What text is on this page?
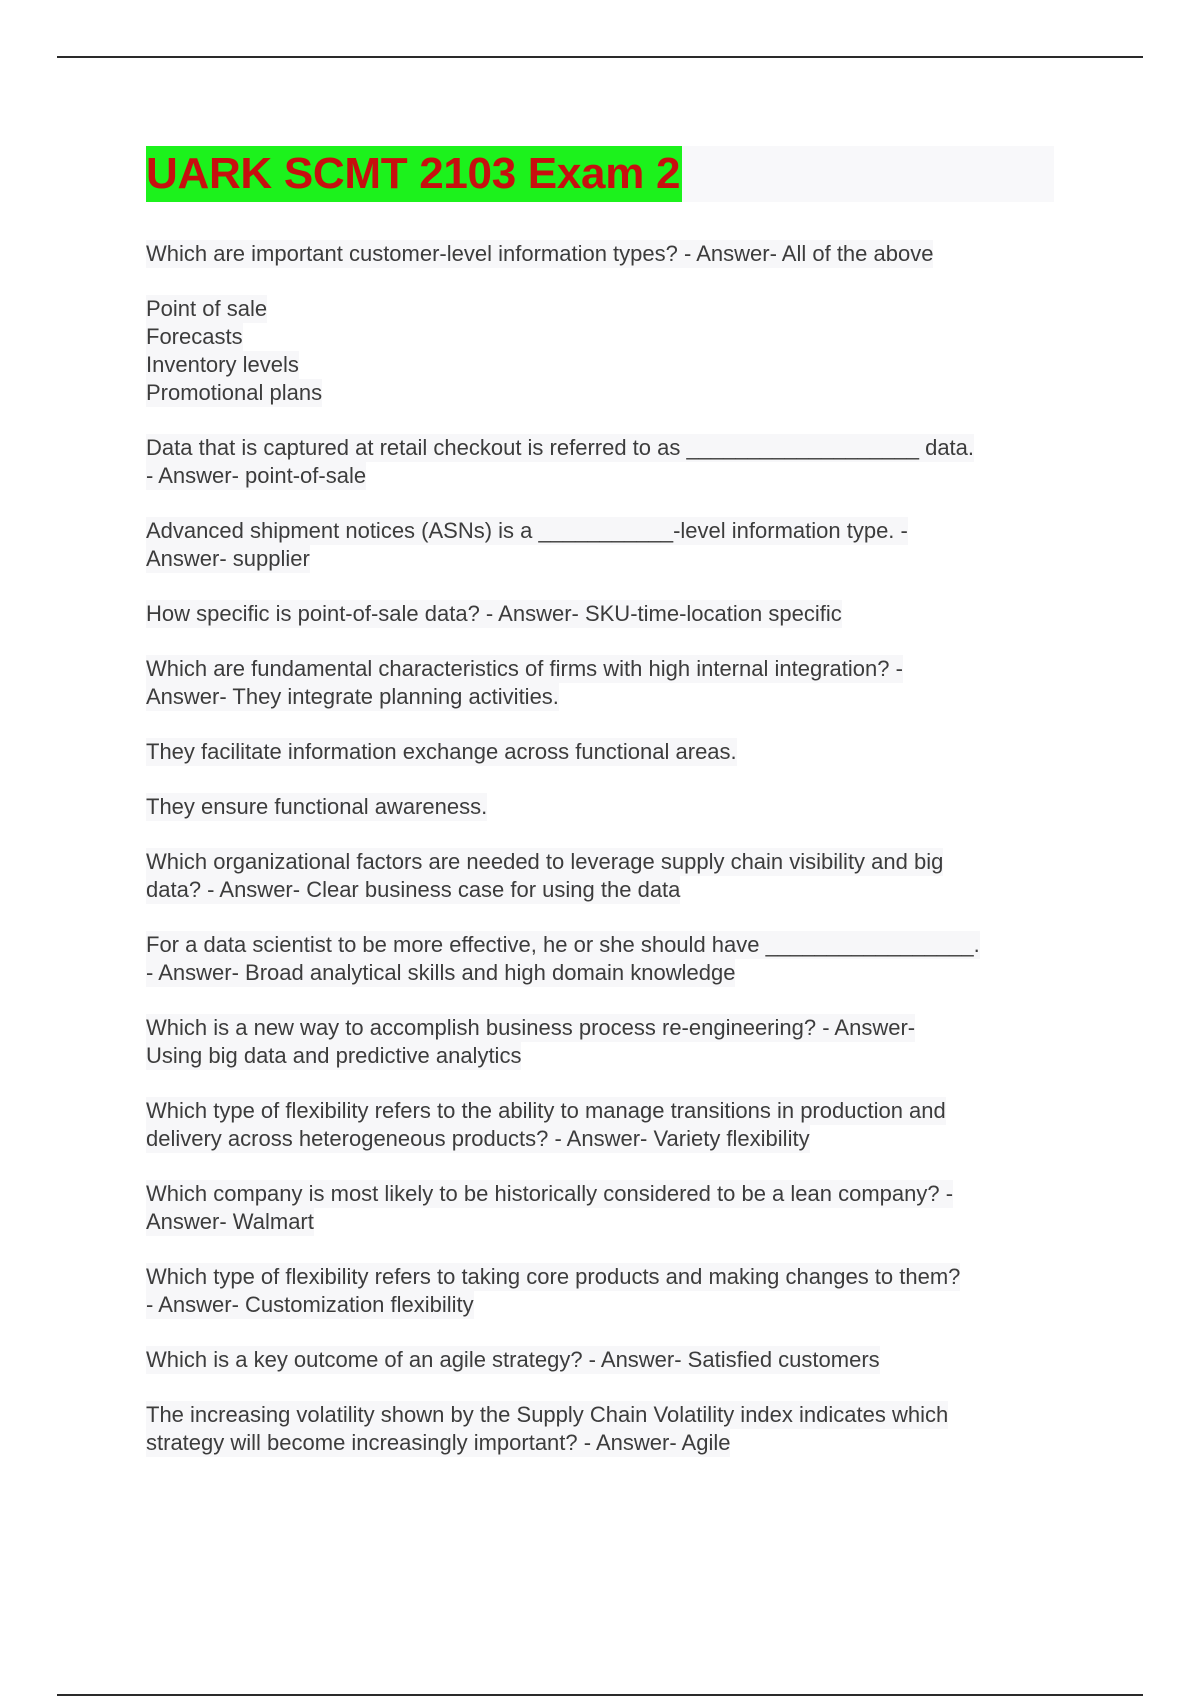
UARK SCMT 2103 Exam 2
Which are important customer-level information types? - Answer- All of the above
Point of sale
Forecasts
Inventory levels
Promotional plans
Data that is captured at retail checkout is referred to as ___________________ data.
- Answer- point-of-sale
Advanced shipment notices (ASNs) is a ___________-level information type. -
Answer- supplier
How specific is point-of-sale data? - Answer- SKU-time-location specific
Which are fundamental characteristics of firms with high internal integration? -
Answer- They integrate planning activities.
They facilitate information exchange across functional areas.
They ensure functional awareness.
Which organizational factors are needed to leverage supply chain visibility and big
data? - Answer- Clear business case for using the data
For a data scientist to be more effective, he or she should have _________________.
- Answer- Broad analytical skills and high domain knowledge
Which is a new way to accomplish business process re-engineering? - Answer-
Using big data and predictive analytics
Which type of flexibility refers to the ability to manage transitions in production and
delivery across heterogeneous products? - Answer- Variety flexibility
Which company is most likely to be historically considered to be a lean company? -
Answer- Walmart
Which type of flexibility refers to taking core products and making changes to them?
- Answer- Customization flexibility
Which is a key outcome of an agile strategy? - Answer- Satisfied customers
The increasing volatility shown by the Supply Chain Volatility index indicates which
strategy will become increasingly important? - Answer- Agile
